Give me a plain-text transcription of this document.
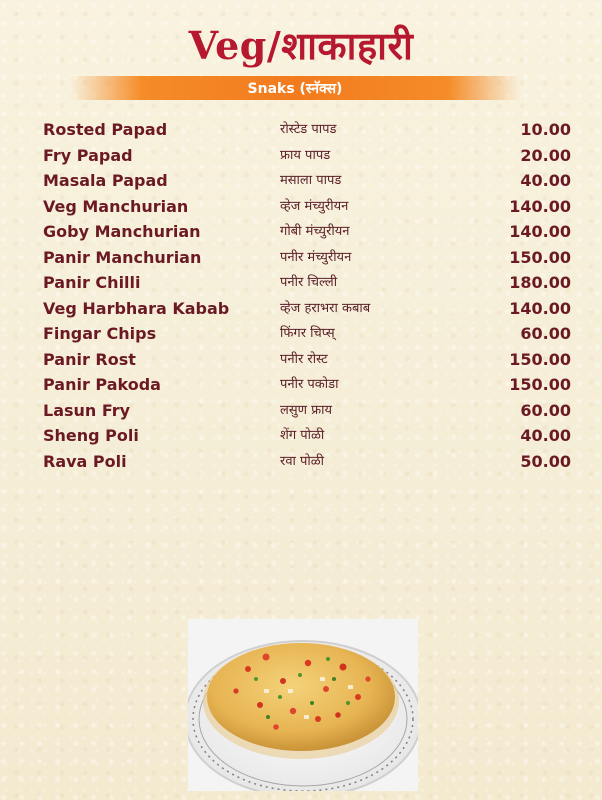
Veg/शाकाहारी
Snaks (स्नॅक्स)
Rosted Papad	रोस्टेड पापड	10.00
Fry Papad	फ्राय पापड	20.00
Masala Papad	मसाला पापड	40.00
Veg Manchurian	व्हेज मंच्युरीयन	140.00
Goby Manchurian	गोबी मंच्युरीयन	140.00
Panir Manchurian	पनीर मंच्युरीयन	150.00
Panir Chilli	पनीर चिल्ली	180.00
Veg Harbhara Kabab	व्हेज हराभरा कबाब	140.00
Fingar Chips	फिंगर चिप्स्	60.00
Panir Rost	पनीर रोस्ट	150.00
Panir Pakoda	पनीर पकोडा	150.00
Lasun Fry	लसुण फ्राय	60.00
Sheng Poli	शेंग पोळी	40.00
Rava Poli	रवा पोळी	50.00
